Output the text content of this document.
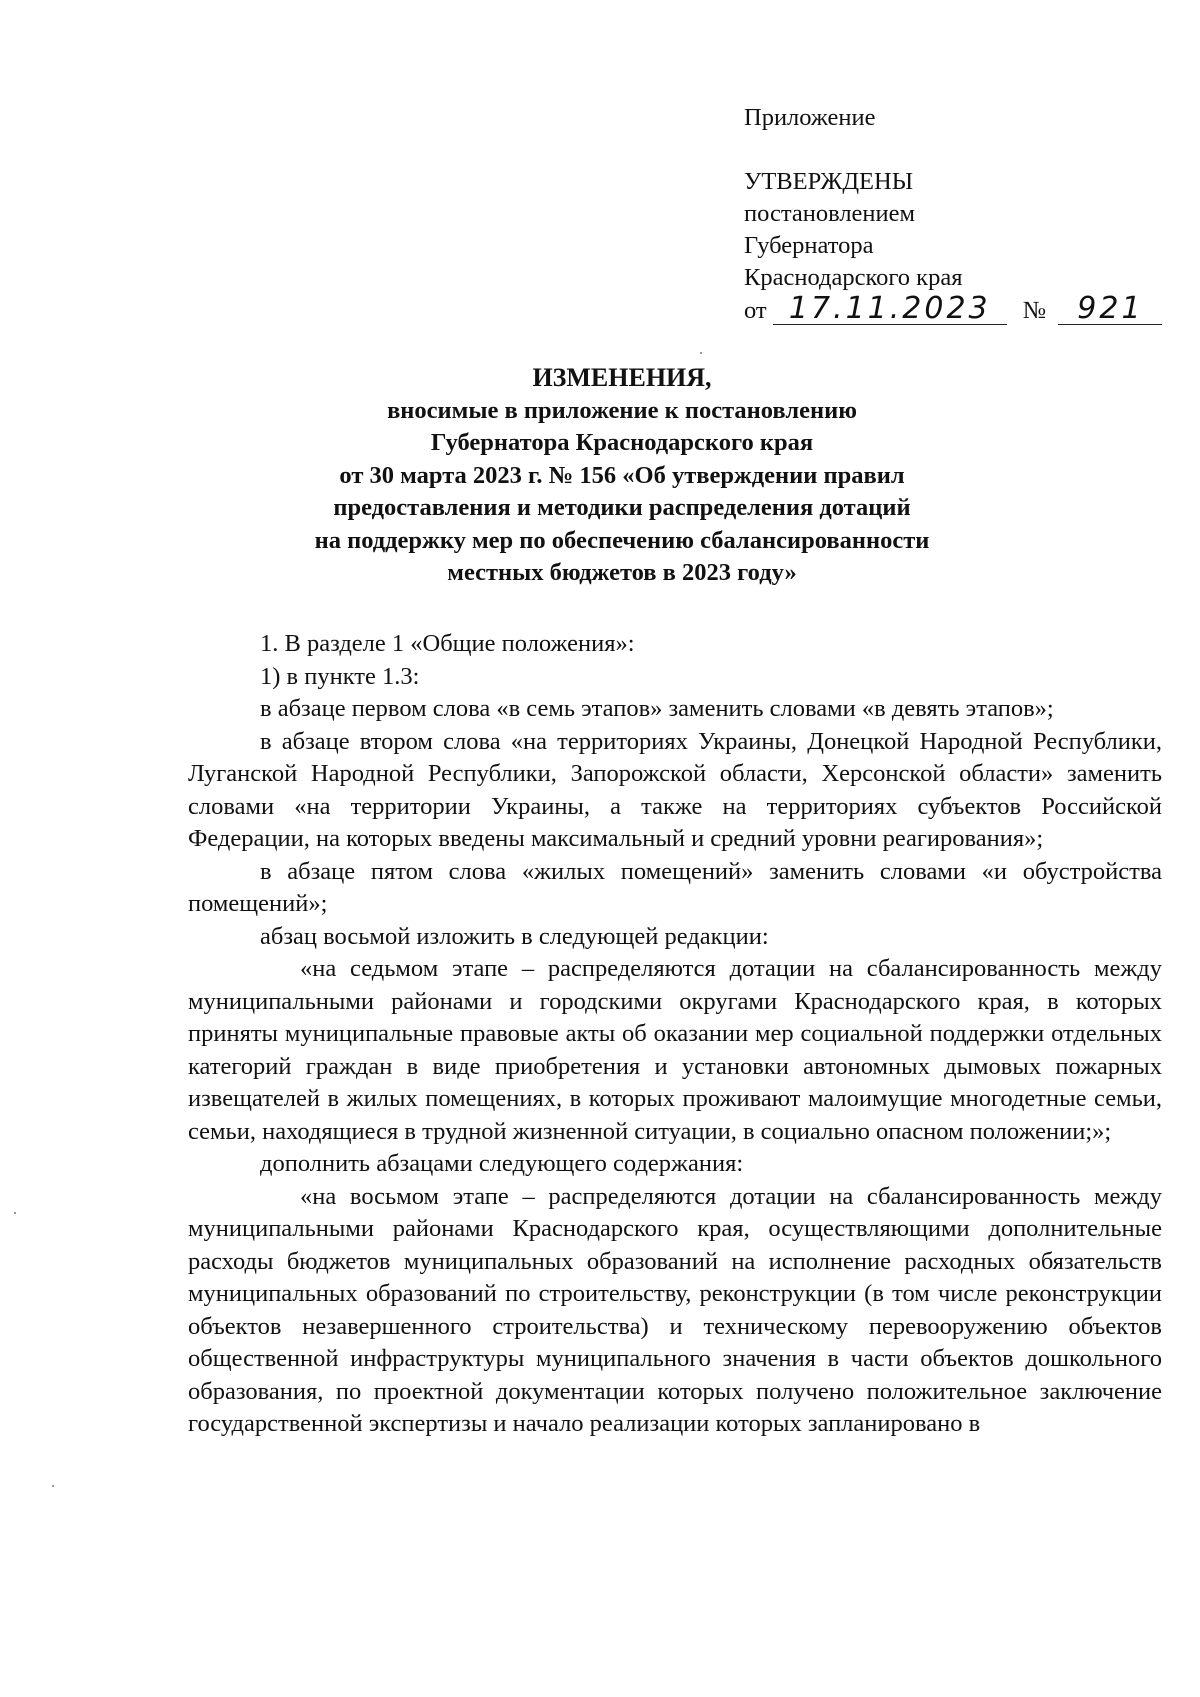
Приложение
УТВЕРЖДЕНЫ
постановлением
Губернатора
Краснодарского края
от 17.11.2023 № 921
ИЗМЕНЕНИЯ,
вносимые в приложение к постановлению
Губернатора Краснодарского края
от 30 марта 2023 г. № 156 «Об утверждении правил
предоставления и методики распределения дотаций
на поддержку мер по обеспечению сбалансированности
местных бюджетов в 2023 году»

1. В разделе 1 «Общие положения»:

1) в пункте 1.3:

в абзаце первом слова «в семь этапов» заменить словами «в девять этапов»;

в абзаце втором слова «на территориях Украины, Донецкой Народной Республики, Луганской Народной Республики, Запорожской области, Херсонской области» заменить словами «на территории Украины, а также на территориях субъектов Российской Федерации, на которых введены максимальный и средний уровни реагирования»;

в абзаце пятом слова «жилых помещений» заменить словами «и обустройства помещений»;

абзац восьмой изложить в следующей редакции:

«на седьмом этапе – распределяются дотации на сбалансированность между муниципальными районами и городскими округами Краснодарского края, в которых приняты муниципальные правовые акты об оказании мер социальной поддержки отдельных категорий граждан в виде приобретения и установки автономных дымовых пожарных извещателей в жилых помещениях, в которых проживают малоимущие многодетные семьи, семьи, находящиеся в трудной жизненной ситуации, в социально опасном положении;»;

дополнить абзацами следующего содержания:

«на восьмом этапе – распределяются дотации на сбалансированность между муниципальными районами Краснодарского края, осуществляющими дополнительные расходы бюджетов муниципальных образований на исполнение расходных обязательств муниципальных образований по строительству, реконструкции (в том числе реконструкции объектов незавершенного строительства) и техническому перевооружению объектов общественной инфраструктуры муниципального значения в части объектов дошкольного образования, по проектной документации которых получено положительное заключение государственной экспертизы и начало реализации которых запланировано в
